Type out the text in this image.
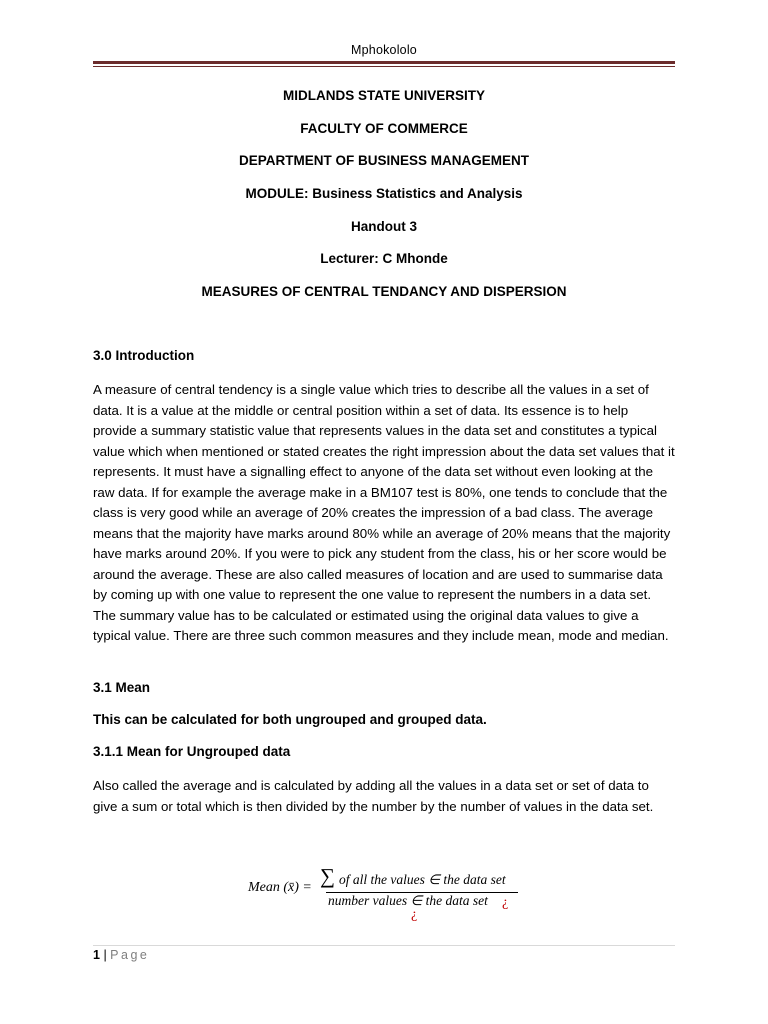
Mphokololo
MIDLANDS STATE UNIVERSITY
FACULTY OF COMMERCE
DEPARTMENT OF BUSINESS MANAGEMENT
MODULE: Business Statistics and Analysis
Handout 3
Lecturer: C Mhonde
MEASURES OF CENTRAL TENDANCY AND DISPERSION
3.0 Introduction

A measure of central tendency is a single value which tries to describe all the values in a set of data. It is a value at the middle or central position within a set of data. Its essence is to help provide a summary statistic value that represents values in the data set and constitutes a typical value which when mentioned or stated creates the right impression about the data set values that it represents. It must have a signalling effect to anyone of the data set without even looking at the raw data. If for example the average make in a BM107 test is 80%, one tends to conclude that the class is very good while an average of 20% creates the impression of a bad class. The average means that the majority have marks around 80% while an average of 20% means that the majority have marks around 20%. If you were to pick any student from the class, his or her score would be around the average. These are also called measures of location and are used to summarise data by coming up with one value to represent the one value to represent the numbers in a data set. The summary value has to be calculated or estimated using the original data values to give a typical value. There are three such common measures and they include mean, mode and median.

3.1 Mean
This can be calculated for both ungrouped and grouped data.
3.1.1 Mean for Ungrouped data

Also called the average and is calculated by adding all the values in a data set or set of data to give a sum or total which is then divided by the number by the number of values in the data set.

Mean (x̄) = ∑ of all the values ∈ the data set
number values ∈ the data set ¿
¿
1 | Page
